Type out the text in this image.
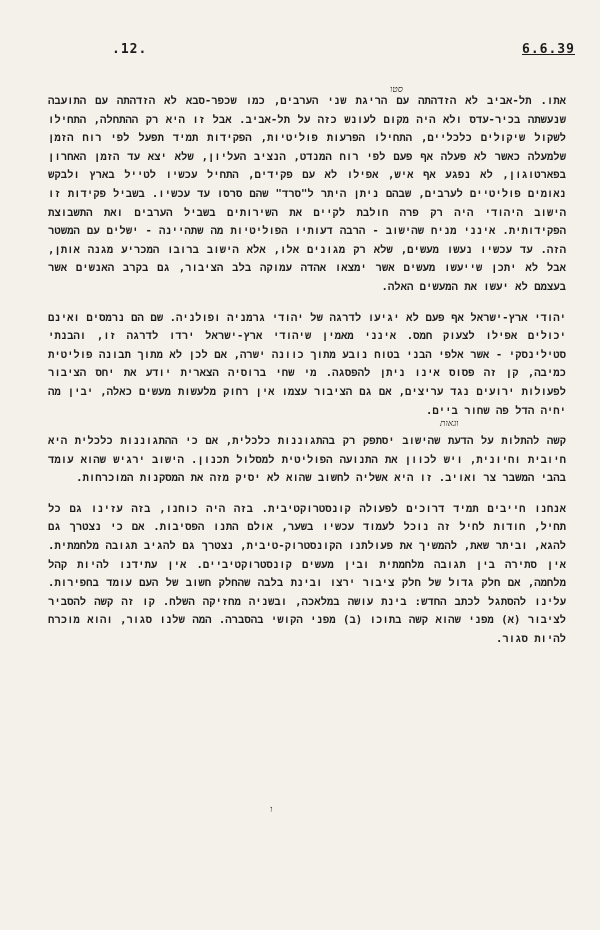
.12.	6.6.39

אתו. תל-אביב לא הזדהתה עם הריגת שני הערבים, כמו שכפר-סבא לא הזדהתה עם התועבה שנעשתה בכיר-עדס ולא היה מקום לעונש כזה על תל-אביב. אבל זו היא רק ההתחלה, התחילו לשקול שיקולים כלכליים, התחילו הפרעות פוליטיות, הפקידות תמיד תפעל לפי רוח הזמן שלמעלה כאשר לא פעלה אף פעם לפי רוח המנדט, הנציב העליון, שלא יצא עד הזמן האחרון בפארטוגון, לא נפגע אף איש, אפילו לא עם פקידים, התחיל עכשיו לטייל בארץ ולבקש נאומים פוליטיים לערבים, שבהם ניתן היתר ל"סרד" שהם סרסו עד עכשיו. בשביל פקידות זו הישוב היהודי היה רק פרה חולבת לקיים את השירותים בשביל הערבים ואת התשבוצת הפקידותית. אינני מניח שהישוב - הרבה דעותיו הפוליטיות מה שתהיינה - ישלים עם המשטר הזה. עד עכשיו נעשו מעשים, שלא רק מגונים אלו, אלא הישוב ברובו המכריע מגנה אותן, אבל לא יתכן שייעשו מעשים אשר ימצאו אהדה עמוקה בלב הציבור, גם בקרב האנשים אשר בעצמם לא יעשו את המעשים האלה.

יהודי ארץ-ישראל אף פעם לא יגיעו לדרגה של יהודי גרמניה ופולניה. שם הם נרמסים ואינם יכולים אפילו לצעוק חמס. אינני מאמין שיהודי ארץ-ישראל ירדו לדרגה זו, והבנתי סטילינסקי - אשר אלפי הבני בטוח נובע מתוך כוונה ישרה, אם לכן לא מתוך תבונה פוליטית כמיבה, קן זה פסוס אינו ניתן להפסגה. מי שחי ברוסיה הצארית יודע את יחס הציבור לפעולות ירועים נגד עריצים, אם גם הציבור עצמו אין רחוק מלעשות מעשים כאלה, יבין מה יחיה הדל פה שחור ביים.

קשה להתלות על הדעת שהישוב יסתפק רק בהתגוננות כלכלית, אם כי ההתגוננות כלכלית היא חיובית וחיונית, ויש לכוון את התנועה הפוליטית למסלול תכנון. הישוב ירגיש שהוא עומד בהבי המשבר צר ואויב. זו היא אשליה לחשוב שהוא לא יסיק מזה את המסקנות המוכרחות.

אנחנו חייבים תמיד דרוכים לפעולה קונסטרוקטיבית. בזה היה כוחנו, בזה עזינו גם כל תחיל, חודות לחיל זה נוכל לעמוד עכשיו בשער, אולם התנו הפסיבות. אם כי נצטרך גם להגא, וביתר שאת, להמשיך את פעולתנו הקונסטרוק-טיבית, נצטרך גם להגיב תגובה מלחמתית. אין סתירה בין תגובה מלחמתית ובין מעשים קונסטרוקטיביים. אין עתידנו להיות קהל מלחמה, אם חלק גדול של חלק ציבור ירצו ובינת בלבה שהחלק חשוב של העם עומד בחפירות. עלינו להסתגל לכתב החדש: בינת עושה במלאכה, ובשניה מחזיקה השלח. קו זה קשה להסביר לציבור (א) מפני שהוא קשה בתוכו (ב) מפני הקושי בהסברה. המה שלנו סגור, והוא מוכרח להיות סגור.

סטו
וגאות
ו
